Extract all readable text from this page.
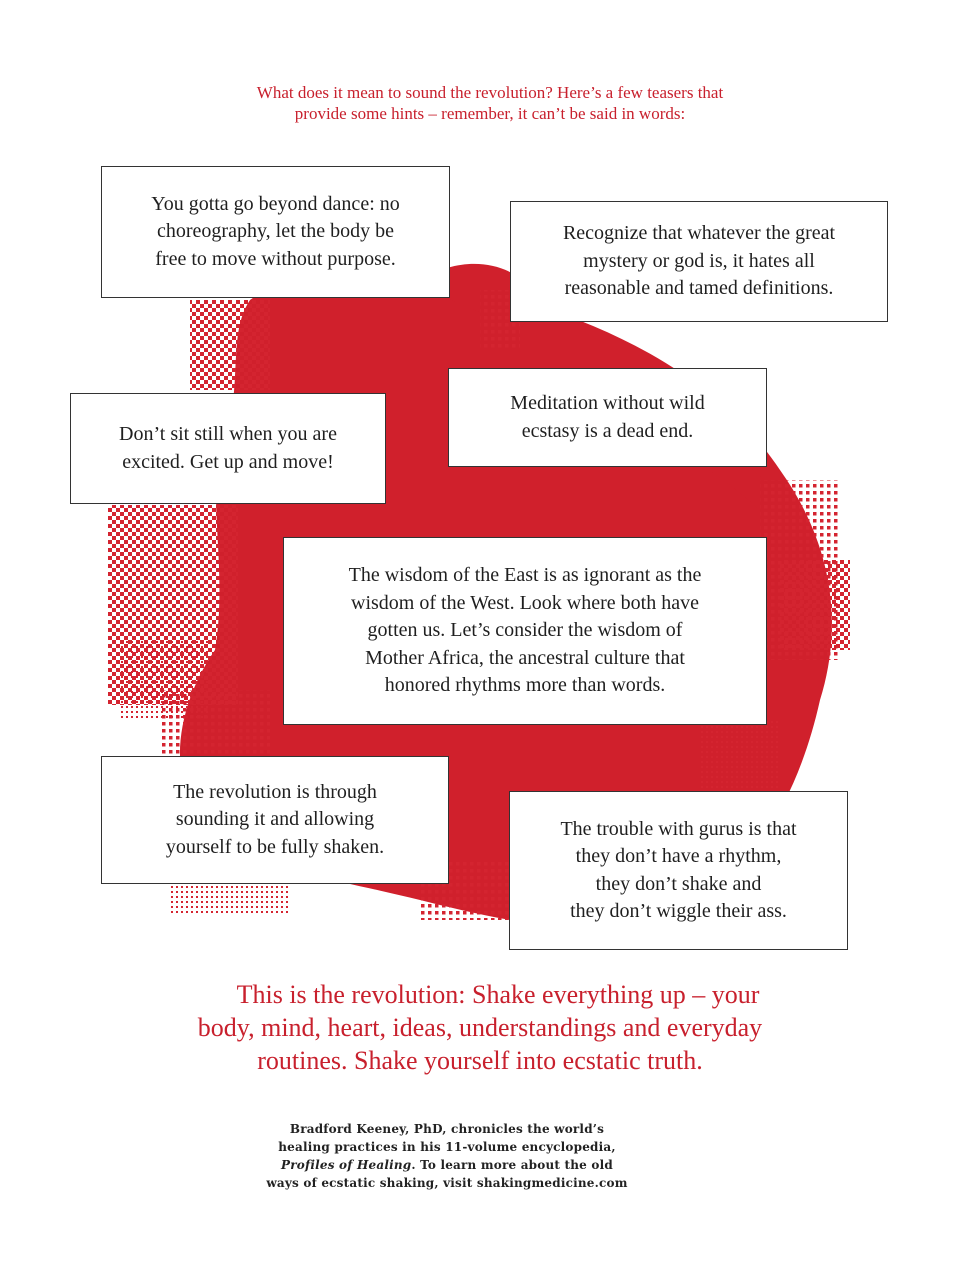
What does it mean to sound the revolution? Here’s a few teasers that
provide some hints – remember, it can’t be said in words:
You gotta go beyond dance: no
choreography, let the body be
free to move without purpose.
Recognize that whatever the great
mystery or god is, it hates all
reasonable and tamed definitions.
Meditation without wild
ecstasy is a dead end.
Don’t sit still when you are
excited. Get up and move!
The wisdom of the East is as ignorant as the
wisdom of the West. Look where both have
gotten us. Let’s consider the wisdom of
Mother Africa, the ancestral culture that
honored rhythms more than words.
The revolution is through
sounding it and allowing
yourself to be fully shaken.
The trouble with gurus is that
they don’t have a rhythm,
they don’t shake and
they don’t wiggle their ass.
This is the revolution: Shake everything up – your
body, mind, heart, ideas, understandings and everyday
routines. Shake yourself into ecstatic truth.
Bradford Keeney, PhD, chronicles the world’s
healing practices in his 11-volume encyclopedia,
Profiles of Healing. To learn more about the old
ways of ecstatic shaking, visit shakingmedicine.com
